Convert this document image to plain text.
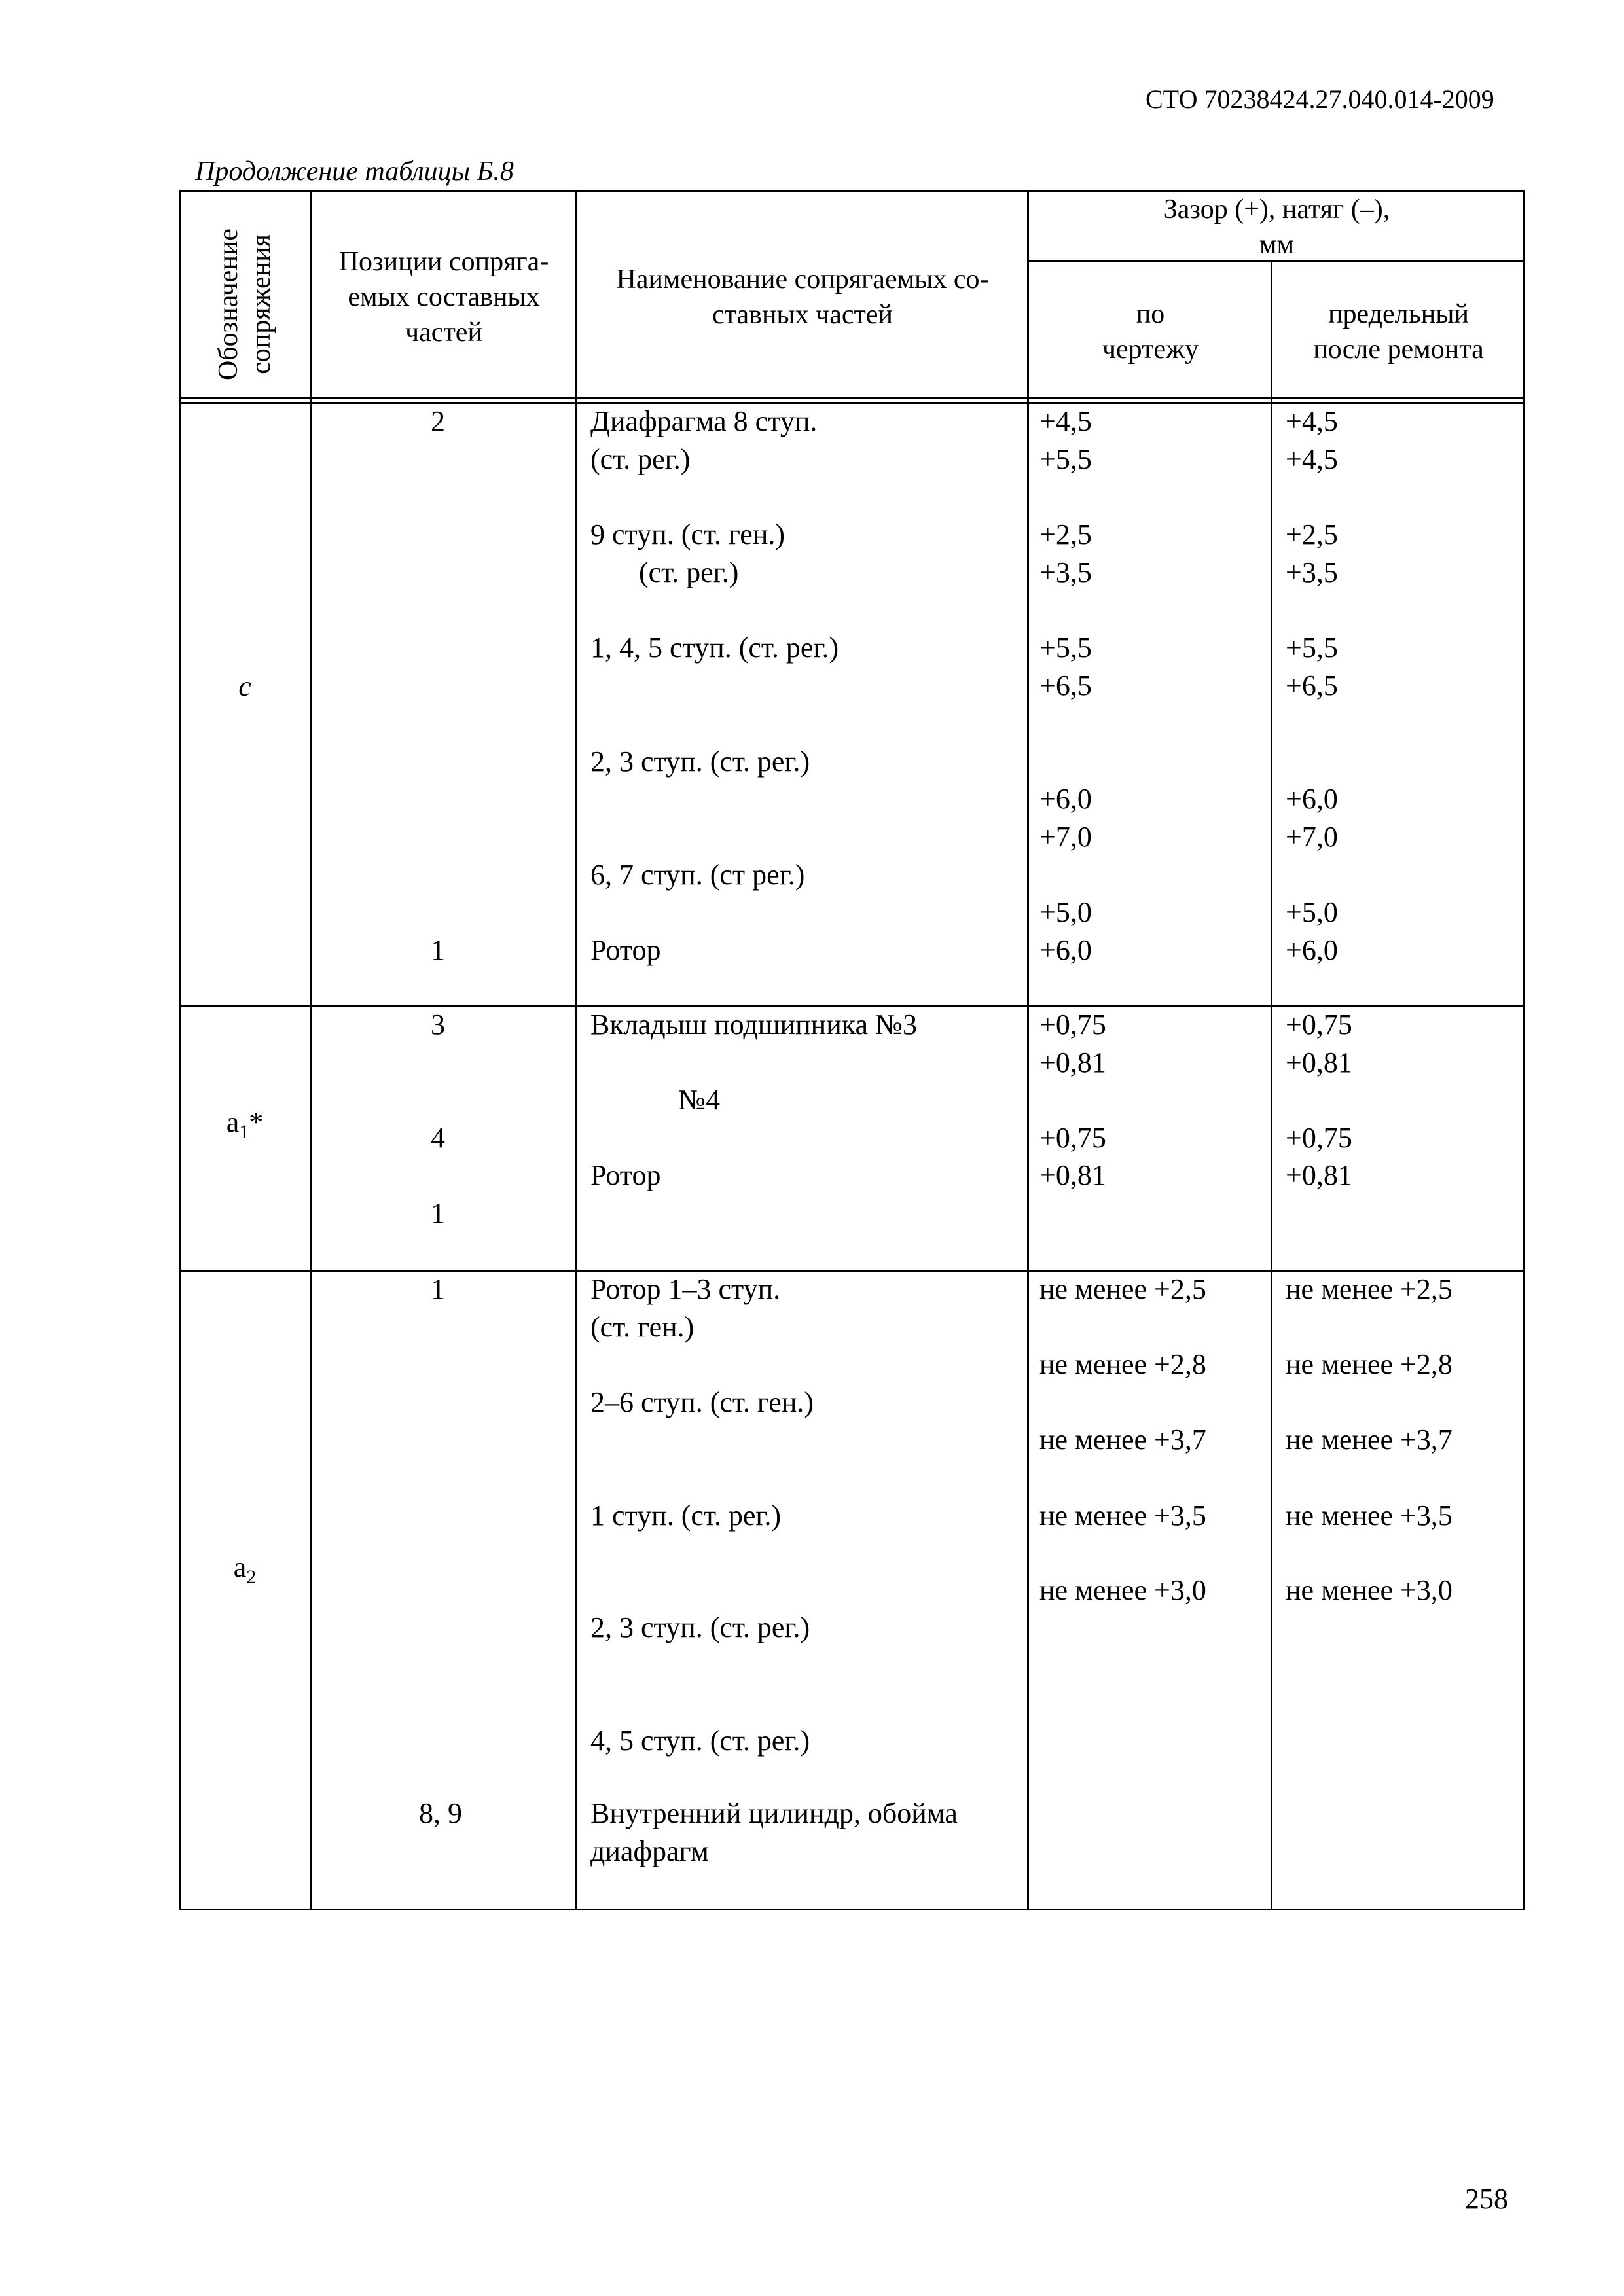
СТО 70238424.27.040.014-2009
Продолжение таблицы Б.8
Обозначение сопряжения	Позиции сопряга-
емых составных
частей
Наименование сопрягаемых со-
ставных частей
Зазор (+), натяг (–),
мм
по
чертежу
предельный
после ремонта
с
2
1
Диафрагма 8 ступ.
(ст. рег.)
9 ступ. (ст. ген.)
(ст. рег.)
1, 4, 5 ступ. (ст. рег.)
2, 3 ступ. (ст. рег.)
6, 7 ступ. (ст рег.)
Ротор
+4,5
+5,5
+2,5
+3,5
+5,5
+6,5
+6,0
+7,0
+5,0
+6,0
+4,5
+4,5
+2,5
+3,5
+5,5
+6,5
+6,0
+7,0
+5,0
+6,0
$а_1*$
3
4
1
Вкладыш подшипника №3
№4
Ротор
+0,75
+0,81
+0,75
+0,81
+0,75
+0,81
+0,75
+0,81
$а_2$
1
8, 9
Ротор 1–3 ступ.
(ст. ген.)
2–6 ступ. (ст. ген.)
1 ступ. (ст. рег.)
2, 3 ступ. (ст. рег.)
4, 5 ступ. (ст. рег.)
Внутренний цилиндр, обойма
диафрагм
не менее +2,5
не менее +2,8
не менее +3,7
не менее +3,5
не менее +3,0
не менее +2,5
не менее +2,8
не менее +3,7
не менее +3,5
не менее +3,0
258
